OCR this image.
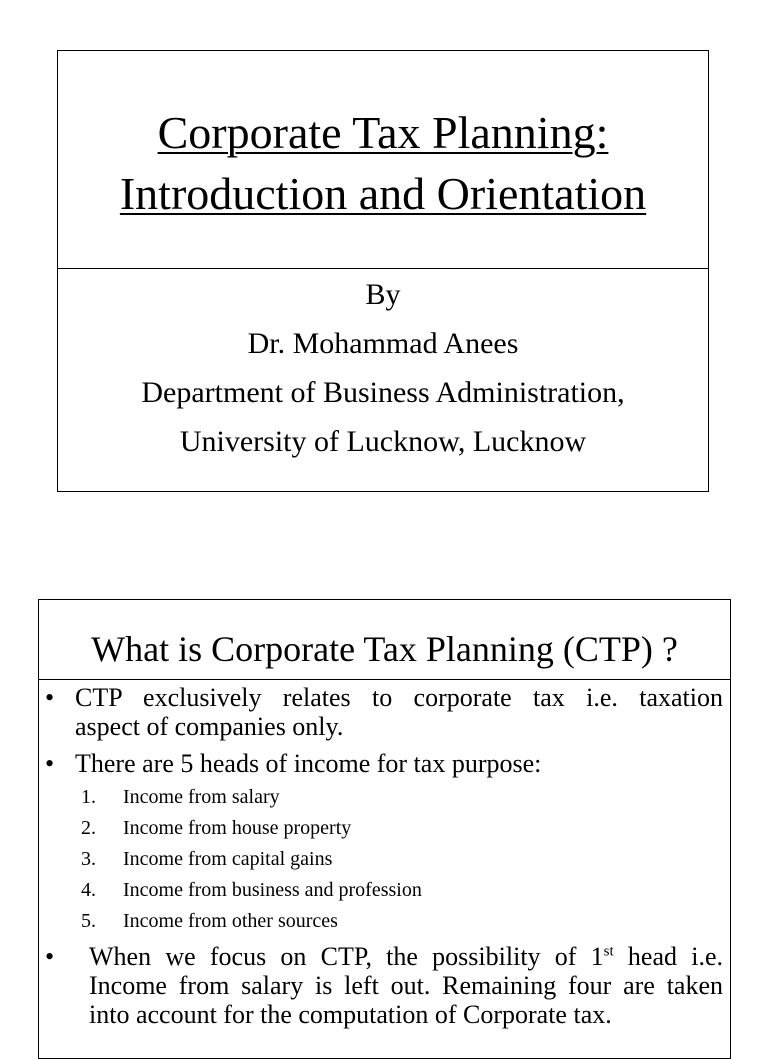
Corporate Tax Planning:
Introduction and Orientation
By
Dr. Mohammad Anees
Department of Business Administration,
University of Lucknow, Lucknow
What is Corporate Tax Planning (CTP) ?
• CTP exclusively relates to corporate tax i.e. taxation
aspect of companies only.
• There are 5 heads of income for tax purpose:
1. Income from salary
2. Income from house property
3. Income from capital gains
4. Income from business and profession
5. Income from other sources
• When we focus on CTP, the possibility of 1st head i.e.
Income from salary is left out. Remaining four are taken
into account for the computation of Corporate tax.
